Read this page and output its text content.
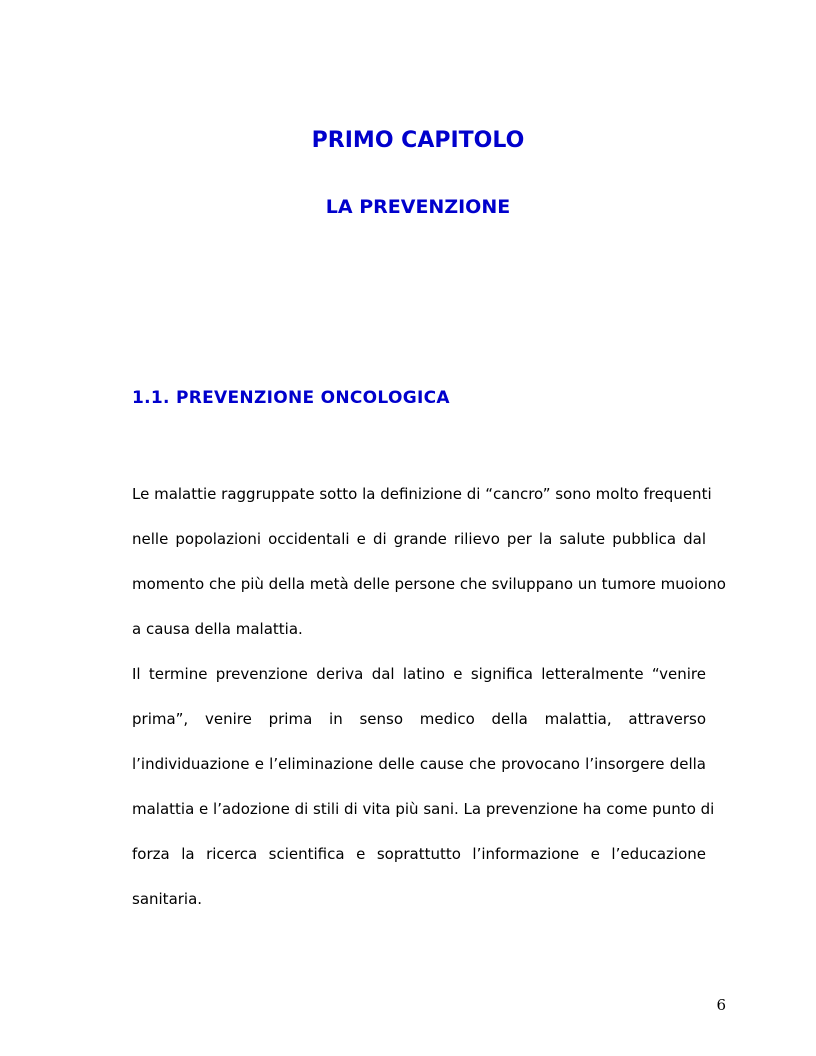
PRIMO CAPITOLO
LA PREVENZIONE
1.1. PREVENZIONE ONCOLOGICA
Le malattie raggruppate sotto la definizione di “cancro” sono molto frequenti
nelle popolazioni occidentali e di grande rilievo per la salute pubblica dal
momento che più della metà delle persone che sviluppano un tumore muoiono
a causa della malattia.
Il termine prevenzione deriva dal latino e significa letteralmente “venire
prima”, venire prima in senso medico della malattia, attraverso
l’individuazione e l’eliminazione delle cause che provocano l’insorgere della
malattia e l’adozione di stili di vita più sani. La prevenzione ha come punto di
forza la ricerca scientifica e soprattutto l’informazione e l’educazione
sanitaria.
6
